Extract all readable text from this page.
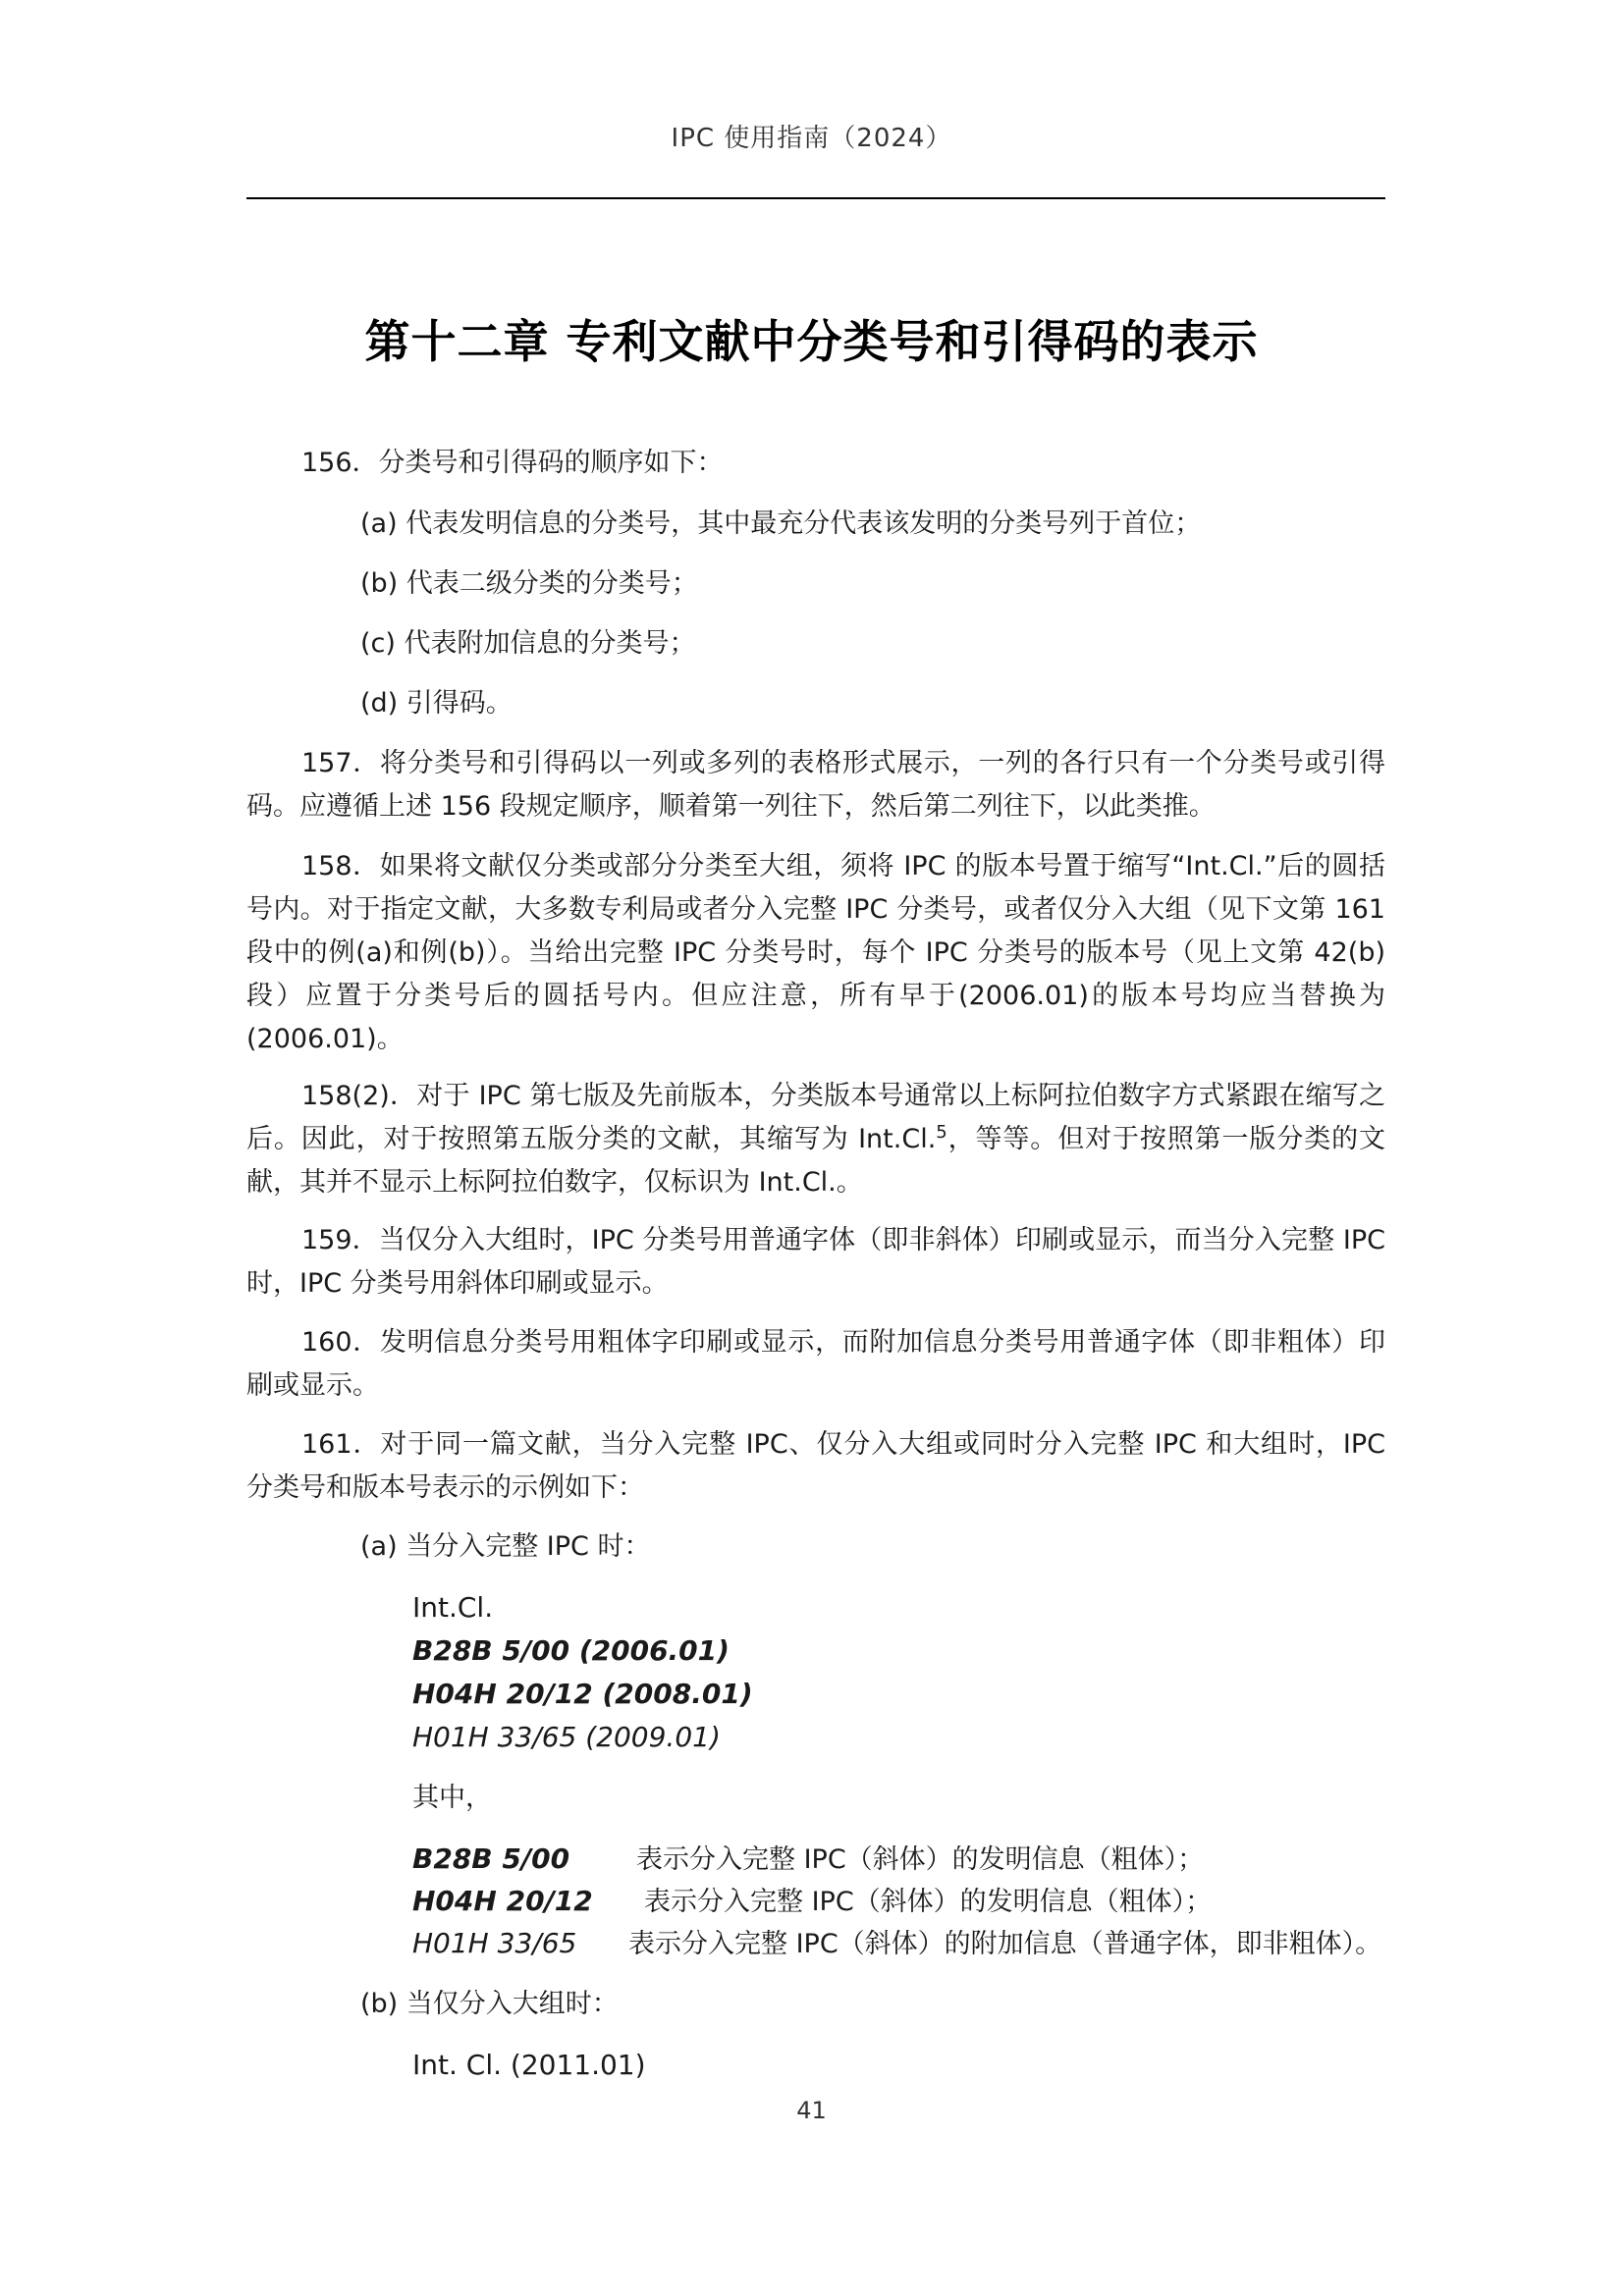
IPC 使用指南（2024）
第十二章 专利文献中分类号和引得码的表示

156．分类号和引得码的顺序如下：

(a) 代表发明信息的分类号，其中最充分代表该发明的分类号列于首位；
(b) 代表二级分类的分类号；
(c) 代表附加信息的分类号；
(d) 引得码。

157．将分类号和引得码以一列或多列的表格形式展示，一列的各行只有一个分类号或引得码。应遵循上述 156 段规定顺序，顺着第一列往下，然后第二列往下，以此类推。

158．如果将文献仅分类或部分分类至大组，须将 IPC 的版本号置于缩写“Int.Cl.”后的圆括号内。对于指定文献，大多数专利局或者分入完整 IPC 分类号，或者仅分入大组（见下文第 161 段中的例(a)和例(b)）。当给出完整 IPC 分类号时，每个 IPC 分类号的版本号（见上文第 42(b)段）应置于分类号后的圆括号内。但应注意，所有早于(2006.01)的版本号均应当替换为(2006.01)。

158(2)．对于 IPC 第七版及先前版本，分类版本号通常以上标阿拉伯数字方式紧跟在缩写之后。因此，对于按照第五版分类的文献，其缩写为 Int.Cl.$^5$，等等。但对于按照第一版分类的文献，其并不显示上标阿拉伯数字，仅标识为 Int.Cl.。

159．当仅分入大组时，IPC 分类号用普通字体（即非斜体）印刷或显示，而当分入完整 IPC 时，IPC 分类号用斜体印刷或显示。

160．发明信息分类号用粗体字印刷或显示，而附加信息分类号用普通字体（即非粗体）印刷或显示。

161．对于同一篇文献，当分入完整 IPC、仅分入大组或同时分入完整 IPC 和大组时，IPC 分类号和版本号表示的示例如下：

(a) 当分入完整 IPC 时：
Int.Cl.
B28B 5/00 (2006.01)
H04H 20/12 (2008.01)
H01H 33/65 (2009.01)
其中，
B28B 5/00	表示分入完整 IPC（斜体）的发明信息（粗体）；
H04H 20/12 表示分入完整 IPC（斜体）的发明信息（粗体）；
H01H 33/65 表示分入完整 IPC（斜体）的附加信息（普通字体，即非粗体）。
(b) 当仅分入大组时：
Int. Cl. (2011.01)
41
